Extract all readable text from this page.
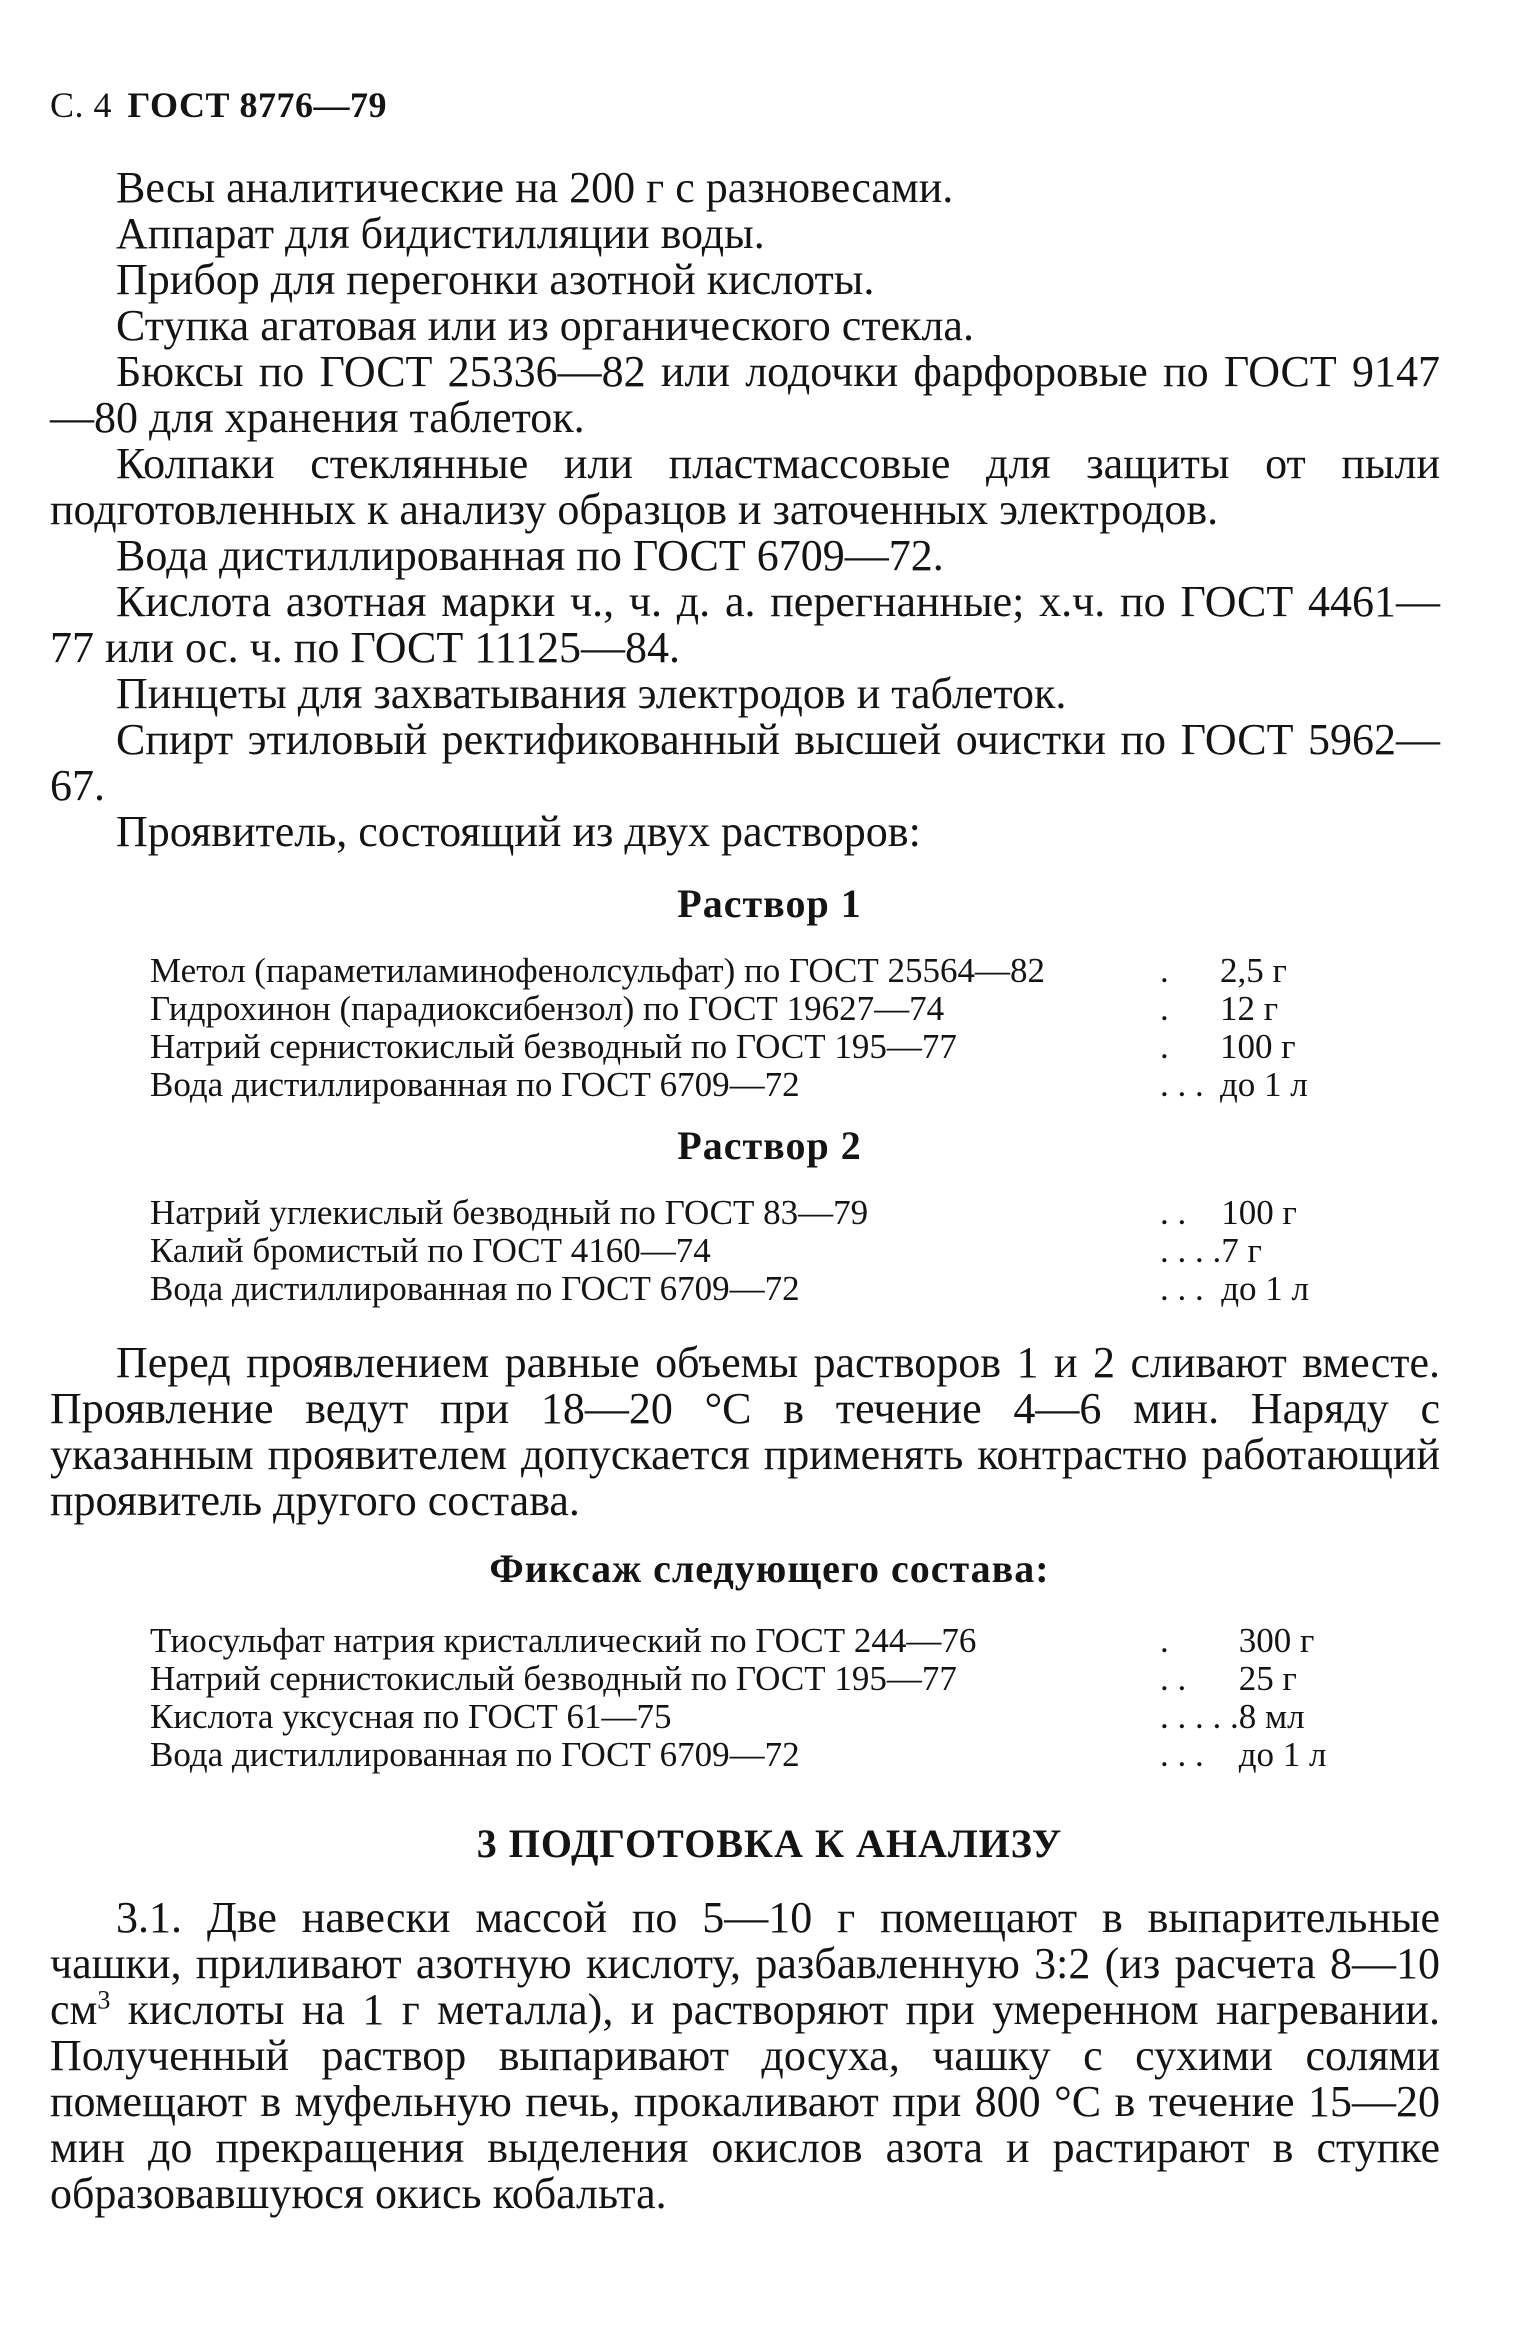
С. 4 ГОСТ 8776—79

Весы аналитические на 200 г с разновесами.

Аппарат для бидистилляции воды.

Прибор для перегонки азотной кислоты.

Ступка агатовая или из органического стекла.

Бюксы по ГОСТ 25336—82 или лодочки фарфоровые по ГОСТ 9147—80 для хранения таблеток.

Колпаки стеклянные или пластмассовые для защиты от пыли подготовленных к анализу образцов и заточенных электродов.

Вода дистиллированная по ГОСТ 6709—72.

Кислота азотная марки ч., ч. д. а. перегнанные; х.ч. по ГОСТ 4461—77 или ос. ч. по ГОСТ 11125—84.

Пинцеты для захватывания электродов и таблеток.

Спирт этиловый ректификованный высшей очистки по ГОСТ 5962—67.

Проявитель, состоящий из двух растворов:

Раствор 1
Метол (параметиламинофенолсульфат) по ГОСТ 25564—82	.	2,5 г
Гидрохинон (парадиоксибензол) по ГОСТ 19627—74	.	12 г
Натрий сернистокислый безводный по ГОСТ 195—77	.	100 г
Вода дистиллированная по ГОСТ 6709—72	. . .	до 1 л
Раствор 2
Натрий углекислый безводный по ГОСТ 83—79	. .	100 г
Калий бромистый по ГОСТ 4160—74	. . . .	7 г
Вода дистиллированная по ГОСТ 6709—72	. . .	до 1 л

Перед проявлением равные объемы растворов 1 и 2 сливают вместе. Проявление ведут при 18—20 °С в течение 4—6 мин. Наряду с указанным проявителем допускается применять контрастно работающий проявитель другого состава.

Фиксаж следующего состава:
Тиосульфат натрия кристаллический по ГОСТ 244—76	.	300 г
Натрий сернистокислый безводный по ГОСТ 195—77	. .	25 г
Кислота уксусная по ГОСТ 61—75	. . . . .	8 мл
Вода дистиллированная по ГОСТ 6709—72	. . .	до 1 л
3 ПОДГОТОВКА К АНАЛИЗУ

3.1. Две навески массой по 5—10 г помещают в выпарительные чашки, приливают азотную кислоту, разбавленную 3:2 (из расчета 8—10 $см^3$ кислоты на 1 г металла), и растворяют при умеренном нагревании. Полученный раствор выпаривают досуха, чашку с сухими солями помещают в муфельную печь, прокаливают при 800 °С в течение 15—20 мин до прекращения выделения окислов азота и растирают в ступке образовавшуюся окись кобальта.
